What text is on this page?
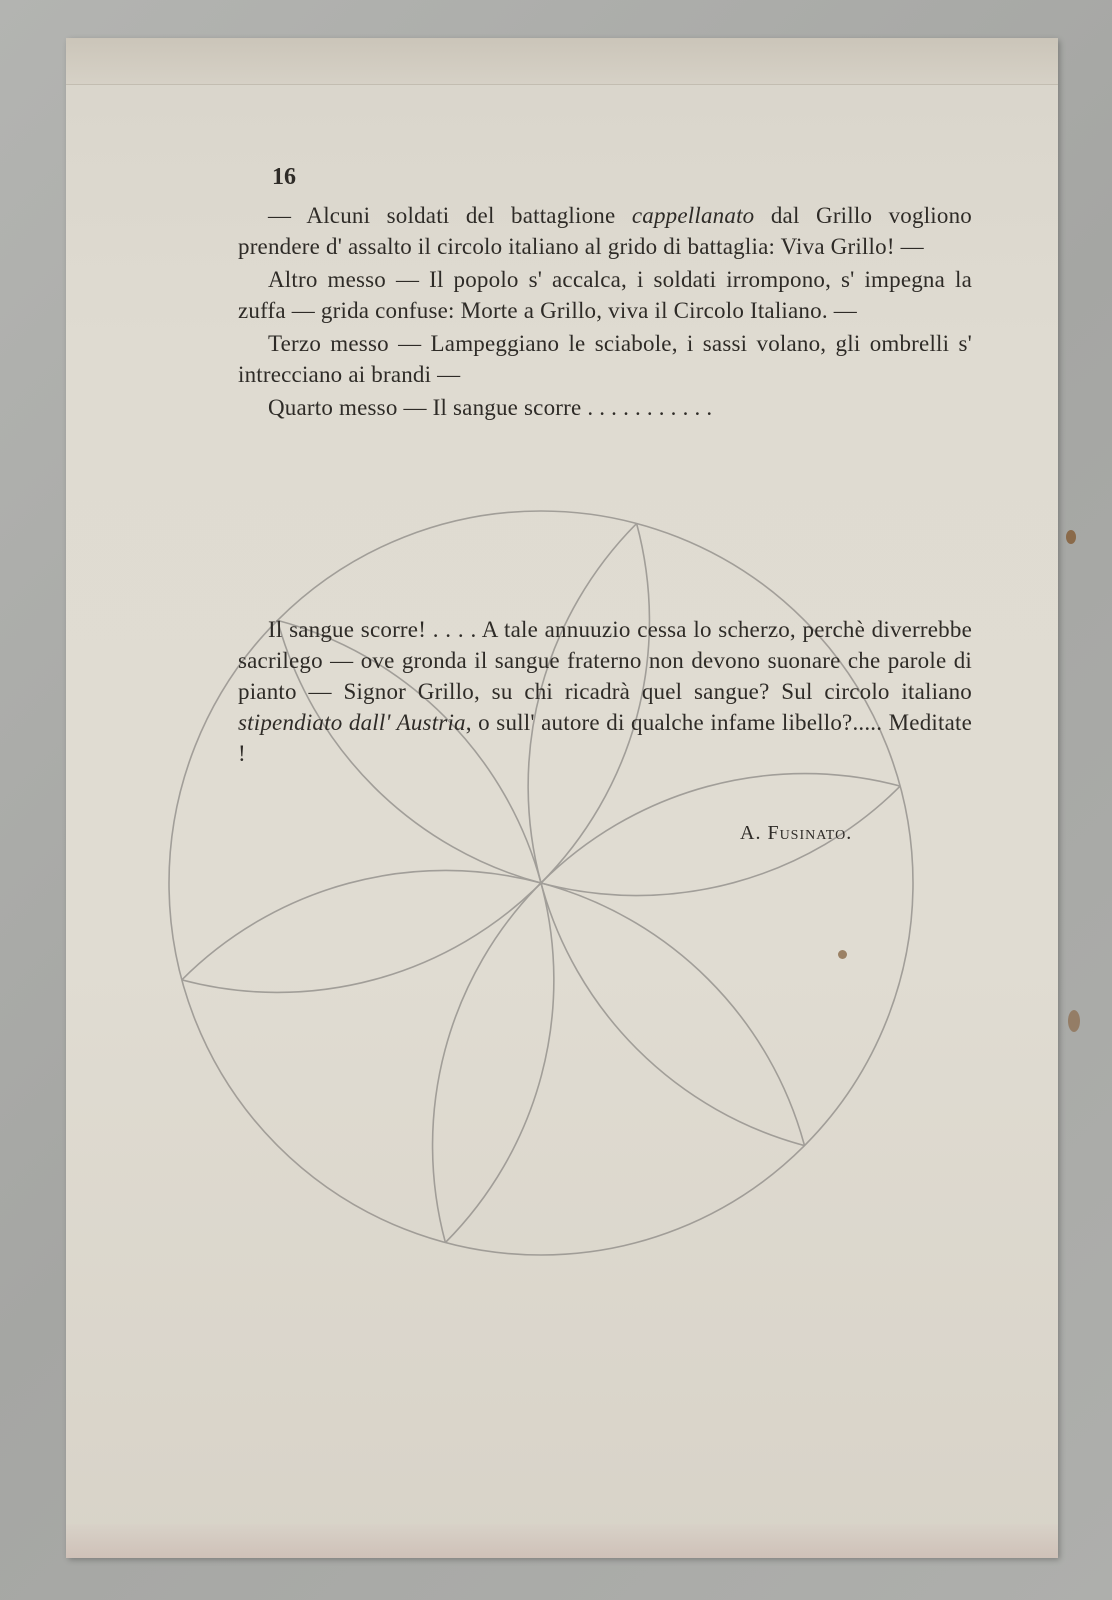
16

— Alcuni soldati del battaglione cappellanato dal Grillo vogliono prendere d' assalto il circolo italiano al grido di battaglia: Viva Grillo! —

Altro messo — Il popolo s' accalca, i soldati irrompono, s' impegna la zuffa — grida confuse: Morte a Grillo, viva il Circolo Italiano. —

Terzo messo — Lampeggiano le sciabole, i sassi volano, gli ombrelli s' intrecciano ai brandi —

Quarto messo — Il sangue scorre . . . . . . . . . . .

Il sangue scorre! . . . . A tale annuuzio cessa lo scherzo, perchè diverrebbe sacrilego — ove gronda il sangue fraterno non devono suonare che parole di pianto — Signor Grillo, su chi ricadrà quel sangue? Sul circolo italiano stipendiato dall' Austria, o sull' autore di qualche infame libello?..... Meditate !

A. Fusinato.
